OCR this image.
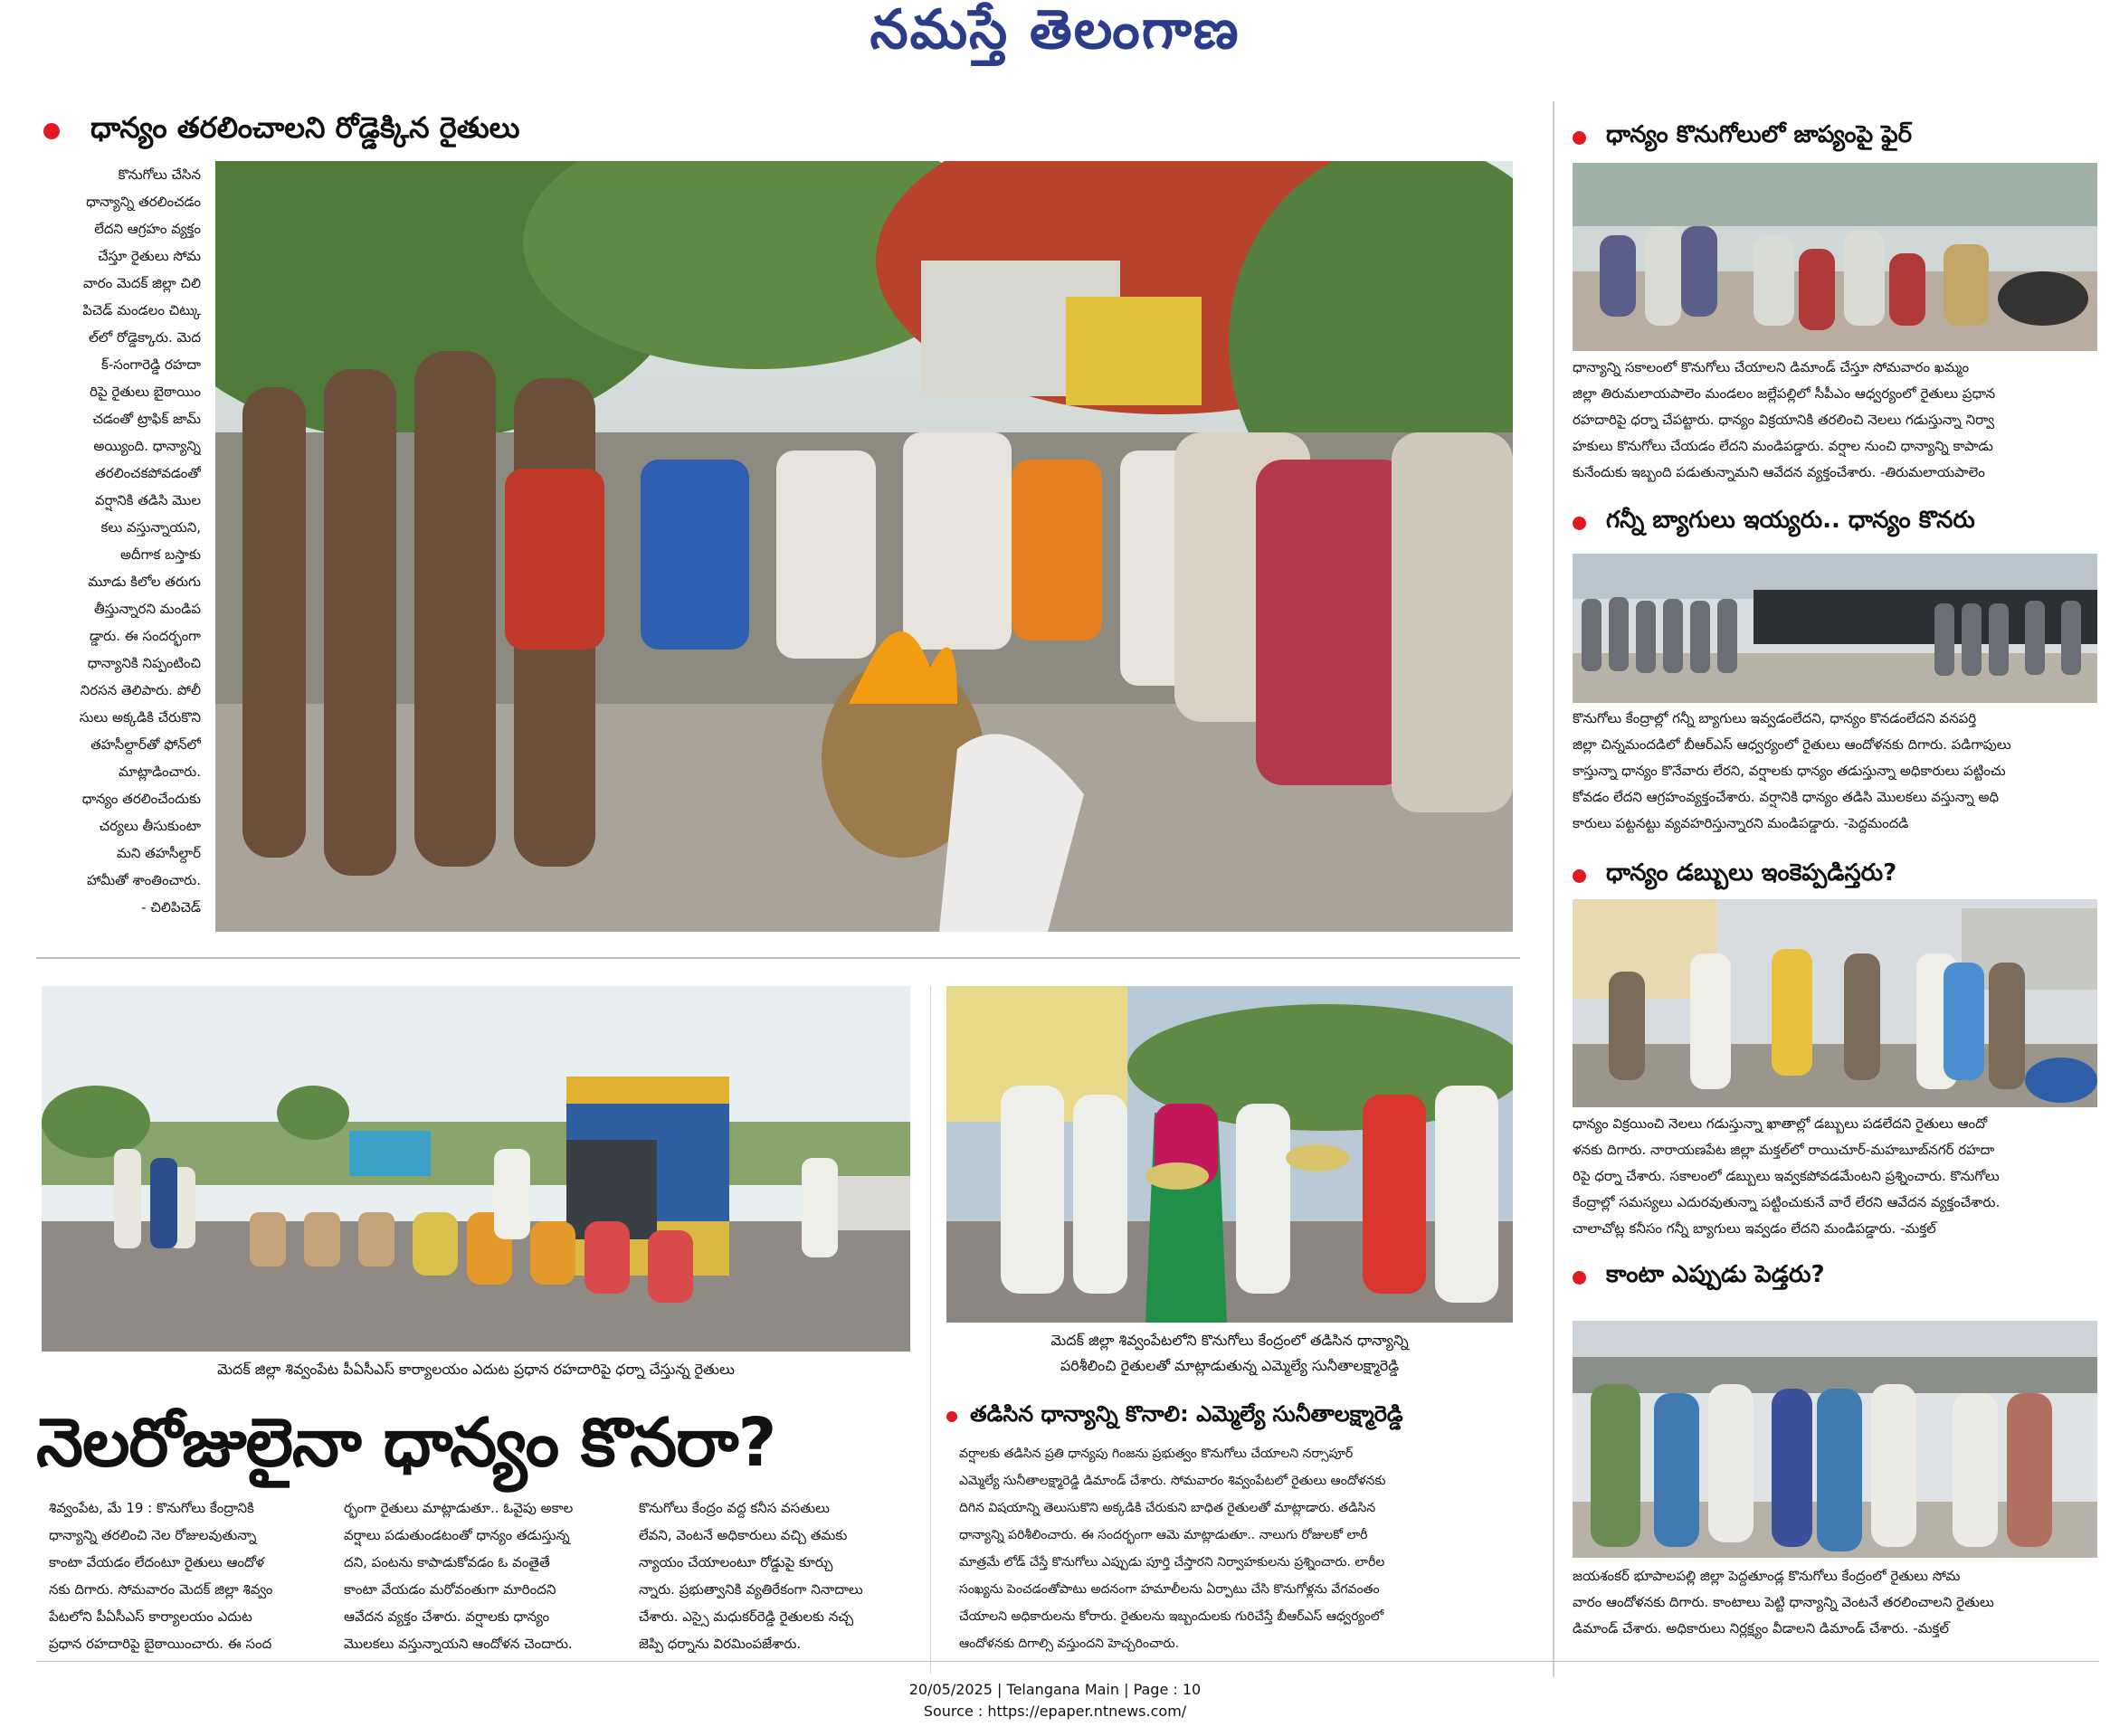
నమస్తే తెలంగాణ
ధాన్యం తరలించాలని రోడ్డెక్కిన రైతులు
కొనుగోలు చేసిన
ధాన్యాన్ని తరలించడం
లేదని ఆగ్రహం వ్యక్తం
చేస్తూ రైతులు సోమ
వారం మెదక్ జిల్లా చిలి
పిచెడ్ మండలం చిట్కు
ల్‌లో రోడ్డెక్కారు. మెద
క్-సంగారెడ్డి రహదా
రిపై రైతులు బైఠాయిం
చడంతో ట్రాఫిక్ జామ్
అయ్యింది. ధాన్యాన్ని
తరలించకపోవడంతో
వర్షానికి తడిసి మొల
కలు వస్తున్నాయని,
అదీగాక బస్తాకు
మూడు కిలోల తరుగు
తీస్తున్నారని మండిప
డ్డారు. ఈ సందర్భంగా
ధాన్యానికి నిప్పంటించి
నిరసన తెలిపారు. పోలీ
సులు అక్కడికి చేరుకొని
తహసీల్దార్‌తో ఫోన్‌లో
మాట్లాడించారు.
ధాన్యం తరలించేందుకు
చర్యలు తీసుకుంటా
మని తహసీల్దార్
హామీతో శాంతించారు.
- చిలిపిచెడ్
ధాన్యం కొనుగోలులో జాప్యంపై ఫైర్
ధాన్యాన్ని సకాలంలో కొనుగోలు చేయాలని డిమాండ్ చేస్తూ సోమవారం ఖమ్మం
జిల్లా తిరుమలాయపాలెం మండలం జల్లేపల్లిలో సీపీఎం ఆధ్వర్యంలో రైతులు ప్రధాన
రహదారిపై ధర్నా చేపట్టారు. ధాన్యం విక్రయానికి తరలించి నెలలు గడుస్తున్నా నిర్వా
హకులు కొనుగోలు చేయడం లేదని మండిపడ్డారు. వర్షాల నుంచి ధాన్యాన్ని కాపాడు
కునేందుకు ఇబ్బంది పడుతున్నామని ఆవేదన వ్యక్తంచేశారు. -తిరుమలాయపాలెం
గన్నీ బ్యాగులు ఇయ్యరు.. ధాన్యం కొనరు
కొనుగోలు కేంద్రాల్లో గన్నీ బ్యాగులు ఇవ్వడంలేదని, ధాన్యం కొనడంలేదని వనపర్తి
జిల్లా చిన్నమందడిలో బీఆర్‌ఎస్ ఆధ్వర్యంలో రైతులు ఆందోళనకు దిగారు. పడిగాపులు
కాస్తున్నా ధాన్యం కొనేవారు లేరని, వర్షాలకు ధాన్యం తడుస్తున్నా అధికారులు పట్టించు
కోవడం లేదని ఆగ్రహంవ్యక్తంచేశారు. వర్షానికి ధాన్యం తడిసి మొలకలు వస్తున్నా అధి
కారులు పట్టనట్టు వ్యవహరిస్తున్నారని మండిపడ్డారు. -పెద్దమందడి
ధాన్యం డబ్బులు ఇంకెప్పడిస్తరు?
ధాన్యం విక్రయించి నెలలు గడుస్తున్నా ఖాతాల్లో డబ్బులు పడలేదని రైతులు ఆందో
ళనకు దిగారు. నారాయణపేట జిల్లా మక్తల్‌లో రాయిచూర్-మహబూబ్‌నగర్ రహదా
రిపై ధర్నా చేశారు. సకాలంలో డబ్బులు ఇవ్వకపోవడమేంటని ప్రశ్నించారు. కొనుగోలు
కేంద్రాల్లో సమస్యలు ఎదురవుతున్నా పట్టించుకునే వారే లేరని ఆవేదన వ్యక్తంచేశారు.
చాలాచోట్ల కనీసం గన్నీ బ్యాగులు ఇవ్వడం లేదని మండిపడ్డారు. -మక్తల్
కాంటా ఎప్పుడు పెడ్తరు?
జయశంకర్ భూపాలపల్లి జిల్లా పెద్దతూండ్ల కొనుగోలు కేంద్రంలో రైతులు సోమ
వారం ఆందోళనకు దిగారు. కాంటాలు పెట్టి ధాన్యాన్ని వెంటనే తరలించాలని రైతులు
డిమాండ్ చేశారు. అధికారులు నిర్లక్ష్యం వీడాలని డిమాండ్ చేశారు. -మక్తల్
మెదక్ జిల్లా శివ్వంపేట పీఏసీఎస్ కార్యాలయం ఎదుట ప్రధాన రహదారిపై ధర్నా చేస్తున్న రైతులు
నెలరోజులైనా ధాన్యం కొనరా?
శివ్వంపేట, మే 19 : కొనుగోలు కేంద్రానికి
ధాన్యాన్ని తరలించి నెల రోజులవుతున్నా
కాంటా వేయడం లేదంటూ రైతులు ఆందోళ
నకు దిగారు. సోమవారం మెదక్ జిల్లా శివ్వం
పేటలోని పీఏసీఎస్ కార్యాలయం ఎదుట
ప్రధాన రహదారిపై బైఠాయించారు. ఈ సంద
ర్భంగా రైతులు మాట్లాడుతూ.. ఓవైపు అకాల
వర్షాలు పడుతుండటంతో ధాన్యం తడుస్తున్న
దని, పంటను కాపాడుకోవడం ఓ వంతైతే
కాంటా వేయడం మరోవంతుగా మారిందని
ఆవేదన వ్యక్తం చేశారు. వర్షాలకు ధాన్యం
మొలకలు వస్తున్నాయని ఆందోళన చెందారు.
కొనుగోలు కేంద్రం వద్ద కనీస వసతులు
లేవని, వెంటనే అధికారులు వచ్చి తమకు
న్యాయం చేయాలంటూ రోడ్డుపై కూర్చు
న్నారు. ప్రభుత్వానికి వ్యతిరేకంగా నినాదాలు
చేశారు. ఎస్సై మధుకర్‌రెడ్డి రైతులకు నచ్చ
జెప్పి ధర్నాను విరమింపజేశారు.
మెదక్ జిల్లా శివ్వంపేటలోని కొనుగోలు కేంద్రంలో తడిసిన ధాన్యాన్ని
పరిశీలించి రైతులతో మాట్లాడుతున్న ఎమ్మెల్యే సునీతాలక్ష్మారెడ్డి
తడిసిన ధాన్యాన్ని కొనాలి: ఎమ్మెల్యే సునీతాలక్ష్మారెడ్డి
వర్షాలకు తడిసిన ప్రతి ధాన్యపు గింజను ప్రభుత్వం కొనుగోలు చేయాలని నర్సాపూర్
ఎమ్మెల్యే సునీతాలక్ష్మారెడ్డి డిమాండ్ చేశారు. సోమవారం శివ్వంపేటలో రైతులు ఆందోళనకు
దిగిన విషయాన్ని తెలుసుకొని అక్కడికి చేరుకుని బాధిత రైతులతో మాట్లాడారు. తడిసిన
ధాన్యాన్ని పరిశీలించారు. ఈ సందర్భంగా ఆమె మాట్లాడుతూ.. నాలుగు రోజులకో లారీ
మాత్రమే లోడ్ చేస్తే కొనుగోలు ఎప్పుడు పూర్తి చేస్తారని నిర్వాహకులను ప్రశ్నించారు. లారీల
సంఖ్యను పెంచడంతోపాటు అదనంగా హమాలీలను ఏర్పాటు చేసి కొనుగోళ్లను వేగవంతం
చేయాలని అధికారులను కోరారు. రైతులను ఇబ్బందులకు గురిచేస్తే బీఆర్‌ఎస్ ఆధ్వర్యంలో
ఆందోళనకు దిగాల్సి వస్తుందని హెచ్చరించారు.
20/05/2025 | Telangana Main | Page : 10
Source : https://epaper.ntnews.com/
